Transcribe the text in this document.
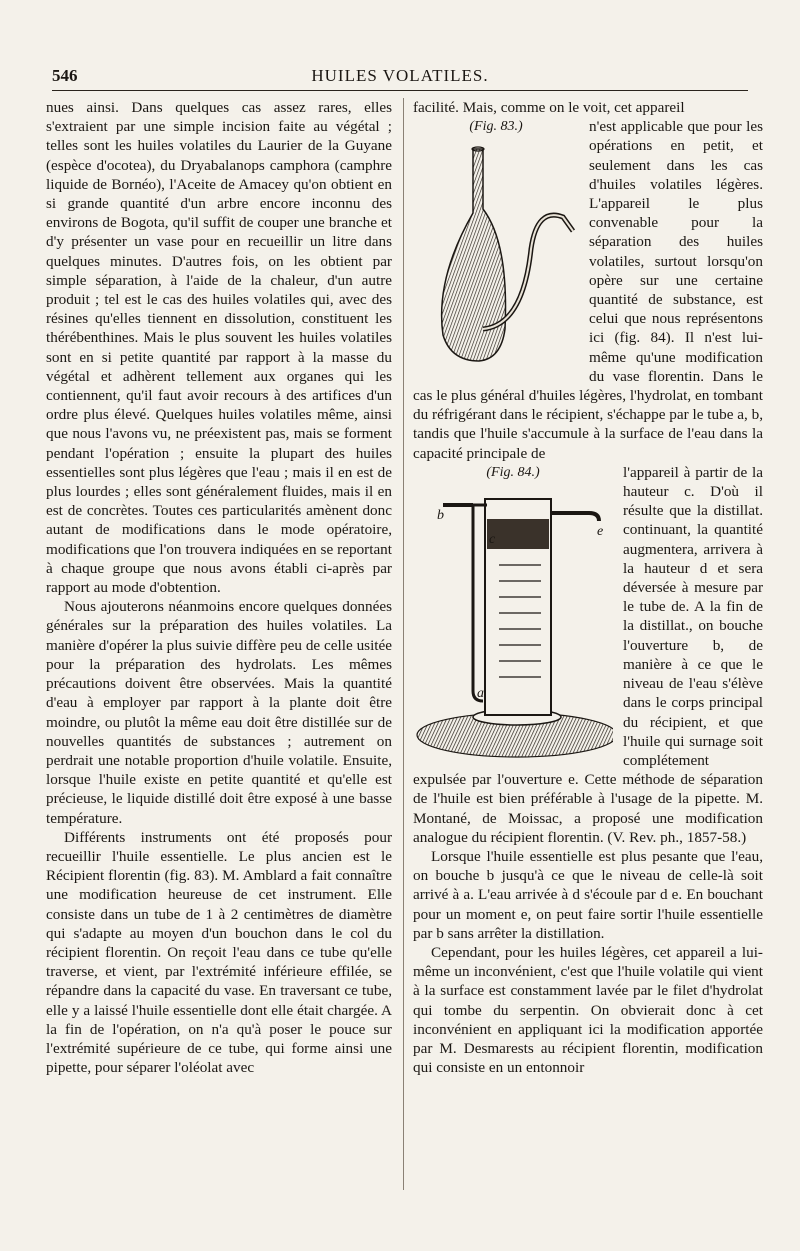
546	HUILES VOLATILES.

nues ainsi. Dans quelques cas assez rares, elles s'extraient par une simple incision faite au végétal ; telles sont les huiles volatiles du Laurier de la Guyane (espèce d'ocotea), du Dryabalanops camphora (camphre liquide de Bornéo), l'Aceite de Amacey qu'on obtient en si grande quantité d'un arbre encore inconnu des environs de Bogota, qu'il suffit de couper une branche et d'y présenter un vase pour en recueillir un litre dans quelques minutes. D'autres fois, on les obtient par simple séparation, à l'aide de la chaleur, d'un autre produit ; tel est le cas des huiles volatiles qui, avec des résines qu'elles tiennent en dissolution, constituent les thérébenthines. Mais le plus souvent les huiles volatiles sont en si petite quantité par rapport à la masse du végétal et adhèrent tellement aux organes qui les contiennent, qu'il faut avoir recours à des artifices d'un ordre plus élevé. Quelques huiles volatiles même, ainsi que nous l'avons vu, ne préexistent pas, mais se forment pendant l'opération ; ensuite la plupart des huiles essentielles sont plus légères que l'eau ; mais il en est de plus lourdes ; elles sont généralement fluides, mais il en est de concrètes. Toutes ces particularités amènent donc autant de modifications dans le mode opératoire, modifications que l'on trouvera indiquées en se reportant à chaque groupe que nous avons établi ci-après par rapport au mode d'obtention.

Nous ajouterons néanmoins encore quelques données générales sur la préparation des huiles volatiles. La manière d'opérer la plus suivie diffère peu de celle usitée pour la préparation des hydrolats. Les mêmes précautions doivent être observées. Mais la quantité d'eau à employer par rapport à la plante doit être moindre, ou plutôt la même eau doit être distillée sur de nouvelles quantités de substances ; autrement on perdrait une notable proportion d'huile volatile. Ensuite, lorsque l'huile existe en petite quantité et qu'elle est précieuse, le liquide distillé doit être exposé à une basse température.

Différents instruments ont été proposés pour recueillir l'huile essentielle. Le plus ancien est le Récipient florentin (fig. 83). M. Amblard a fait connaître une modification heureuse de cet instrument. Elle consiste dans un tube de 1 à 2 centimètres de diamètre qui s'adapte au moyen d'un bouchon dans le col du récipient florentin. On reçoit l'eau dans ce tube qu'elle traverse, et vient, par l'extrémité inférieure effilée, se répandre dans la capacité du vase. En traversant ce tube, elle y a laissé l'huile essentielle dont elle était chargée. A la fin de l'opération, on n'a qu'à poser le pouce sur l'extrémité supérieure de ce tube, qui forme ainsi une pipette, pour séparer l'oléolat avec

facilité. Mais, comme on le voit, cet appareil

(Fig. 83.)	n'est applicable que pour les opérations en petit, et seulement dans les cas d'huiles volatiles légères. L'appareil le plus convenable pour la séparation des huiles volatiles, surtout lorsqu'on opère sur une certaine quantité de substance, est celui que nous représentons ici (fig. 84). Il n'est lui-même qu'une modification du vase florentin. Dans le cas le plus général d'huiles légères, l'hydrolat, en tombant du réfrigérant dans le récipient, s'échappe par le tube a, b, tandis que l'huile s'accumule à la surface de l'eau dans la capacité principale de

(Fig. 84.)
b
c
e
a

l'appareil à partir de la hauteur c. D'où il résulte que la distillat. continuant, la quantité augmentera, arrivera à la hauteur d et sera déversée à mesure par le tube de. A la fin de la distillat., on bouche l'ouverture b, de manière à ce que le niveau de l'eau s'élève dans le corps principal du récipient, et que l'huile qui surnage soit complétement expulsée par l'ouverture e. Cette méthode de séparation de l'huile est bien préférable à l'usage de la pipette. M. Montané, de Moissac, a proposé une modification analogue du récipient florentin. (V. Rev. ph., 1857-58.)

Lorsque l'huile essentielle est plus pesante que l'eau, on bouche b jusqu'à ce que le niveau de celle-là soit arrivé à a. L'eau arrivée à d s'écoule par d e. En bouchant pour un moment e, on peut faire sortir l'huile essentielle par b sans arrêter la distillation.

Cependant, pour les huiles légères, cet appareil a lui-même un inconvénient, c'est que l'huile volatile qui vient à la surface est constamment lavée par le filet d'hydrolat qui tombe du serpentin. On obvierait donc à cet inconvénient en appliquant ici la modification apportée par M. Desmarests au récipient florentin, modification qui consiste en un entonnoir
